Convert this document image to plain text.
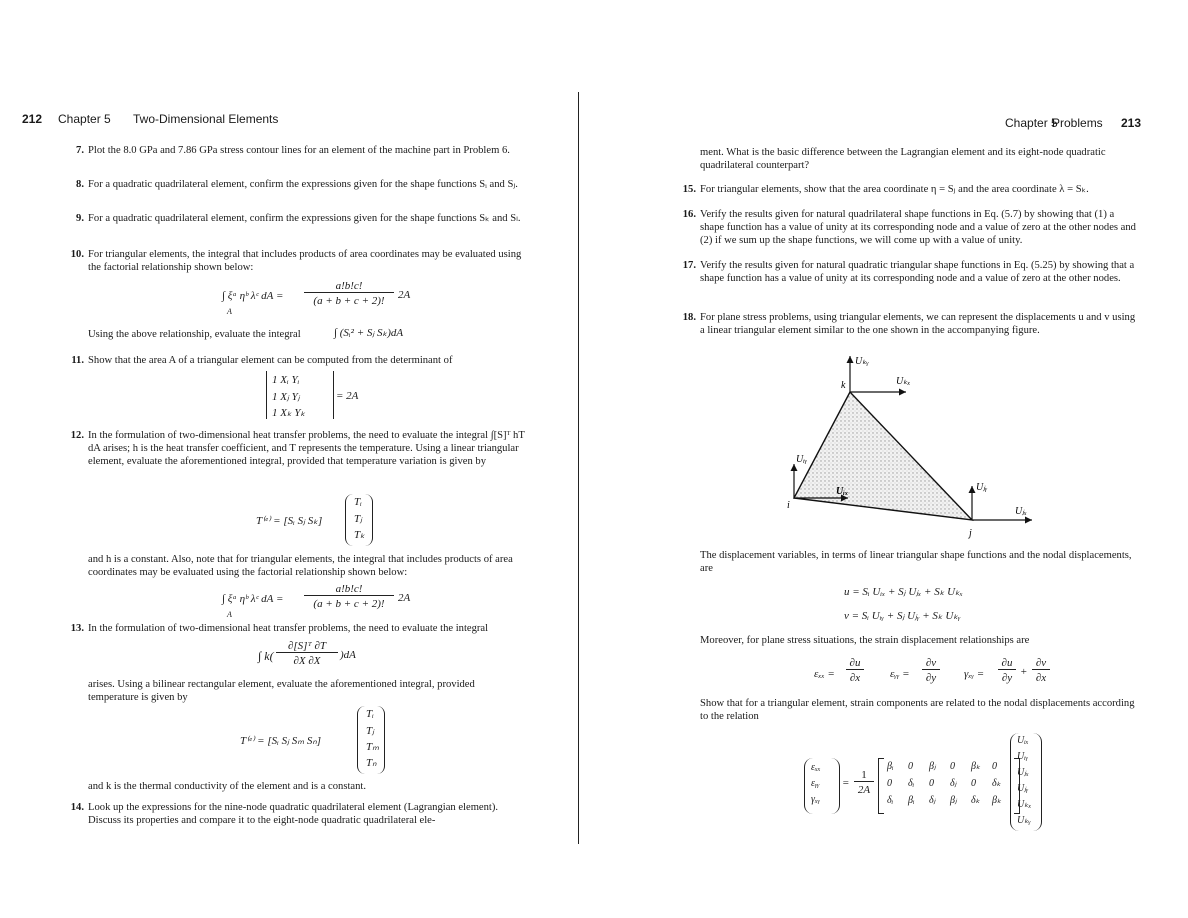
212 Chapter 5 Two-Dimensional Elements
7. Plot the 8.0 GPa and 7.86 GPa stress contour lines for an element of the machine part in Problem 6.
8. For a quadratic quadrilateral element, confirm the expressions given for the shape functions Sᵢ and Sⱼ.
9. For a quadratic quadrilateral element, confirm the expressions given for the shape functions Sₖ and Sₗ.
10. For triangular elements, the integral that includes products of area coordinates may be evaluated using the factorial relationship shown below:
∫ ξᵃ ηᵇ λᶜ dA =
a!b!c!
(a + b + c + 2)!	2A
A
Using the above relationship, evaluate the integral	∫ (Sᵢ² + Sⱼ Sₖ)dA
11. Show that the area A of a triangular element can be computed from the determinant of
1 Xᵢ Yᵢ
1 Xⱼ Yⱼ
1 Xₖ Yₖ
= 2A
12. In the formulation of two-dimensional heat transfer problems, the need to evaluate the integral ∫[S]ᵀ hT dA arises; h is the heat transfer coefficient, and T represents the temperature. Using a linear triangular element, evaluate the aforementioned integral, provided that temperature variation is given by
T⁽ᵉ⁾ = [Sᵢ Sⱼ Sₖ]
Tᵢ
Tⱼ
Tₖ
and h is a constant. Also, note that for triangular elements, the integral that includes products of area coordinates may be evaluated using the factorial relationship shown below:
∫ ξᵃ ηᵇ λᶜ dA =
a!b!c!
(a + b + c + 2)!	2A
A
13. In the formulation of two-dimensional heat transfer problems, the need to evaluate the integral
∫ k(
∂[S]ᵀ ∂T
∂X ∂X	)dA
arises. Using a bilinear rectangular element, evaluate the aforementioned integral, provided temperature is given by
T⁽ᵉ⁾ = [Sᵢ Sⱼ Sₘ Sₙ]
Tᵢ
Tⱼ
Tₘ
Tₙ
and k is the thermal conductivity of the element and is a constant.
14. Look up the expressions for the nine-node quadratic quadrilateral element (Lagrangian element). Discuss its properties and compare it to the eight-node quadratic quadrilateral ele-
Chapter 5
Problems 213
ment. What is the basic difference between the Lagrangian element and its eight-node quadratic quadrilateral counterpart?
15. For triangular elements, show that the area coordinate η = Sⱼ and the area coordinate λ = Sₖ.
16. Verify the results given for natural quadrilateral shape functions in Eq. (5.7) by showing that (1) a shape function has a value of unity at its corresponding node and a value of zero at the other nodes and (2) if we sum up the shape functions, we will come up with a value of unity.
17. Verify the results given for natural quadratic triangular shape functions in Eq. (5.25) by showing that a shape function has a value of unity at its corresponding node and a value of zero at the other nodes.
18. For plane stress problems, using triangular elements, we can represent the displacements u and v using a linear triangular element similar to the one shown in the accompanying figure.
Uₖᵧ
k	Uₖₓ
Uᵢᵧ
Uᵢₓ
i
Uⱼᵧ
Uⱼₓ
j
The displacement variables, in terms of linear triangular shape functions and the nodal displacements, are
u = Sᵢ Uᵢₓ + Sⱼ Uⱼₓ + Sₖ Uₖₓ
v = Sᵢ Uᵢᵧ + Sⱼ Uⱼᵧ + Sₖ Uₖᵧ
Moreover, for plane stress situations, the strain displacement relationships are
εₓₓ =
∂u
∂x	εᵧᵧ =
∂v
∂y	γₓᵧ =
∂u
∂y +
∂v
∂x
Show that for a triangular element, strain components are related to the nodal displacements according to the relation
εₓₓ
εᵧᵧ
γₓᵧ
=
1
2A
βᵢ	0	βⱼ	0	βₖ	0
0	δᵢ	0	δⱼ	0	δₖ
δᵢ	βᵢ	δⱼ	βⱼ	δₖ	βₖ
Uᵢₓ
Uᵢᵧ
Uⱼₓ
Uⱼᵧ
Uₖₓ
Uₖᵧ
